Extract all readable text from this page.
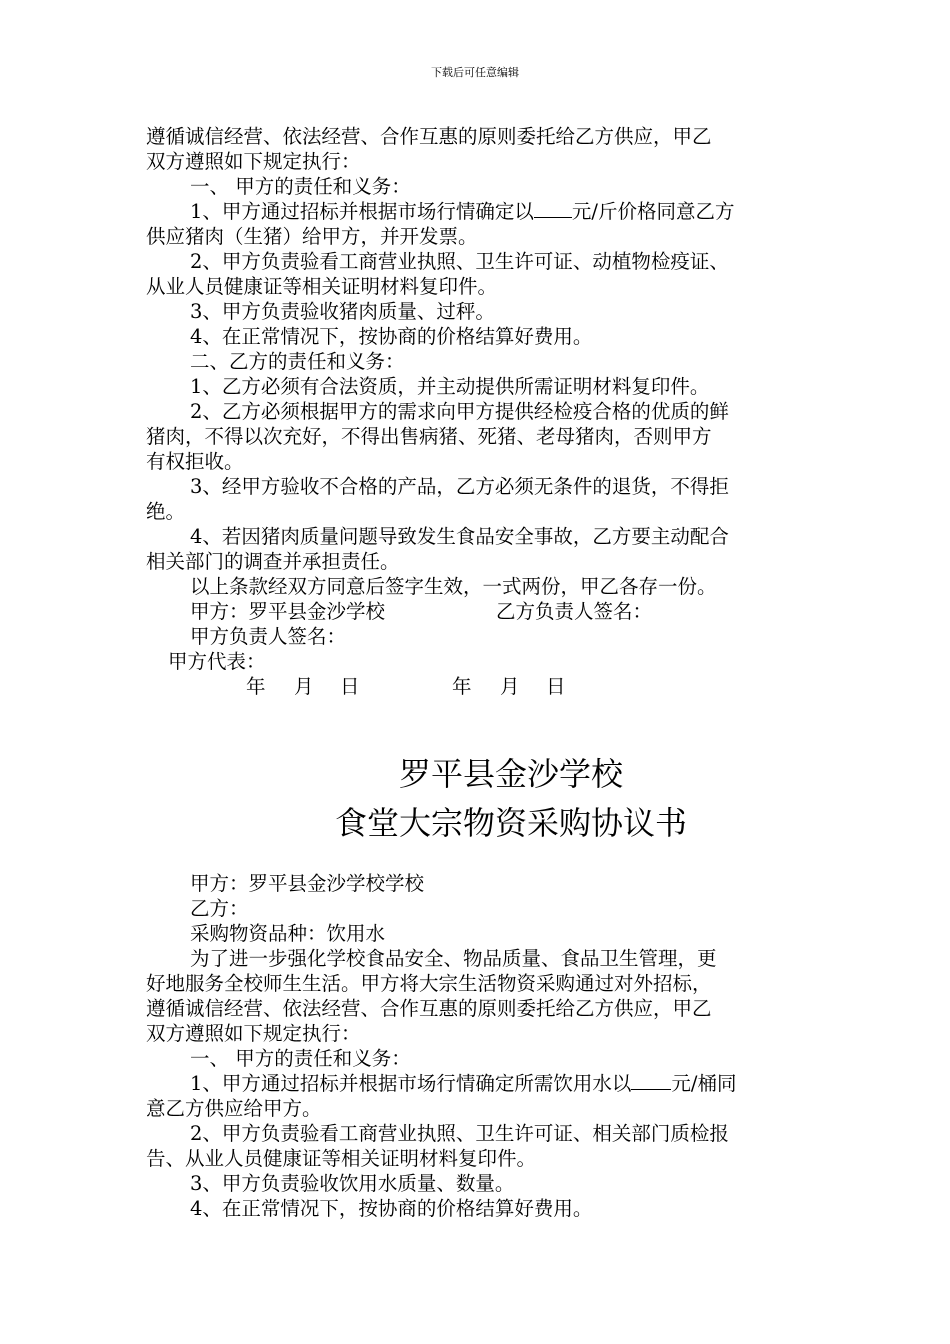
下载后可任意编辑

遵循诚信经营、依法经营、合作互惠的原则委托给乙方供应，甲乙

双方遵照如下规定执行：

一、 甲方的责任和义务：

1、甲方通过招标并根据市场行情确定以 元/斤价格同意乙方

供应猪肉（生猪）给甲方，并开发票。

2、甲方负责验看工商营业执照、卫生许可证、动植物检疫证、

从业人员健康证等相关证明材料复印件。

3、甲方负责验收猪肉质量、过秤。

4、在正常情况下，按协商的价格结算好费用。

二、乙方的责任和义务：

1、乙方必须有合法资质，并主动提供所需证明材料复印件。

2、乙方必须根据甲方的需求向甲方提供经检疫合格的优质的鲜

猪肉，不得以次充好，不得出售病猪、死猪、老母猪肉，否则甲方

有权拒收。

3、经甲方验收不合格的产品，乙方必须无条件的退货，不得拒

绝。

4、若因猪肉质量问题导致发生食品安全事故，乙方要主动配合

相关部门的调查并承担责任。

以上条款经双方同意后签字生效，一式两份，甲乙各存一份。

甲方：罗平县金沙学校	乙方负责人签名：

甲方负责人签名：

甲方代表：

年 月 日	年 月 日

罗平县金沙学校
食堂大宗物资采购协议书

甲方：罗平县金沙学校学校

乙方：

采购物资品种：饮用水

为了进一步强化学校食品安全、物品质量、食品卫生管理，更

好地服务全校师生生活。甲方将大宗生活物资采购通过对外招标，

遵循诚信经营、依法经营、合作互惠的原则委托给乙方供应，甲乙

双方遵照如下规定执行：

一、 甲方的责任和义务：

1、甲方通过招标并根据市场行情确定所需饮用水以 元/桶同

意乙方供应给甲方。

2、甲方负责验看工商营业执照、卫生许可证、相关部门质检报

告、从业人员健康证等相关证明材料复印件。

3、甲方负责验收饮用水质量、数量。

4、在正常情况下，按协商的价格结算好费用。
